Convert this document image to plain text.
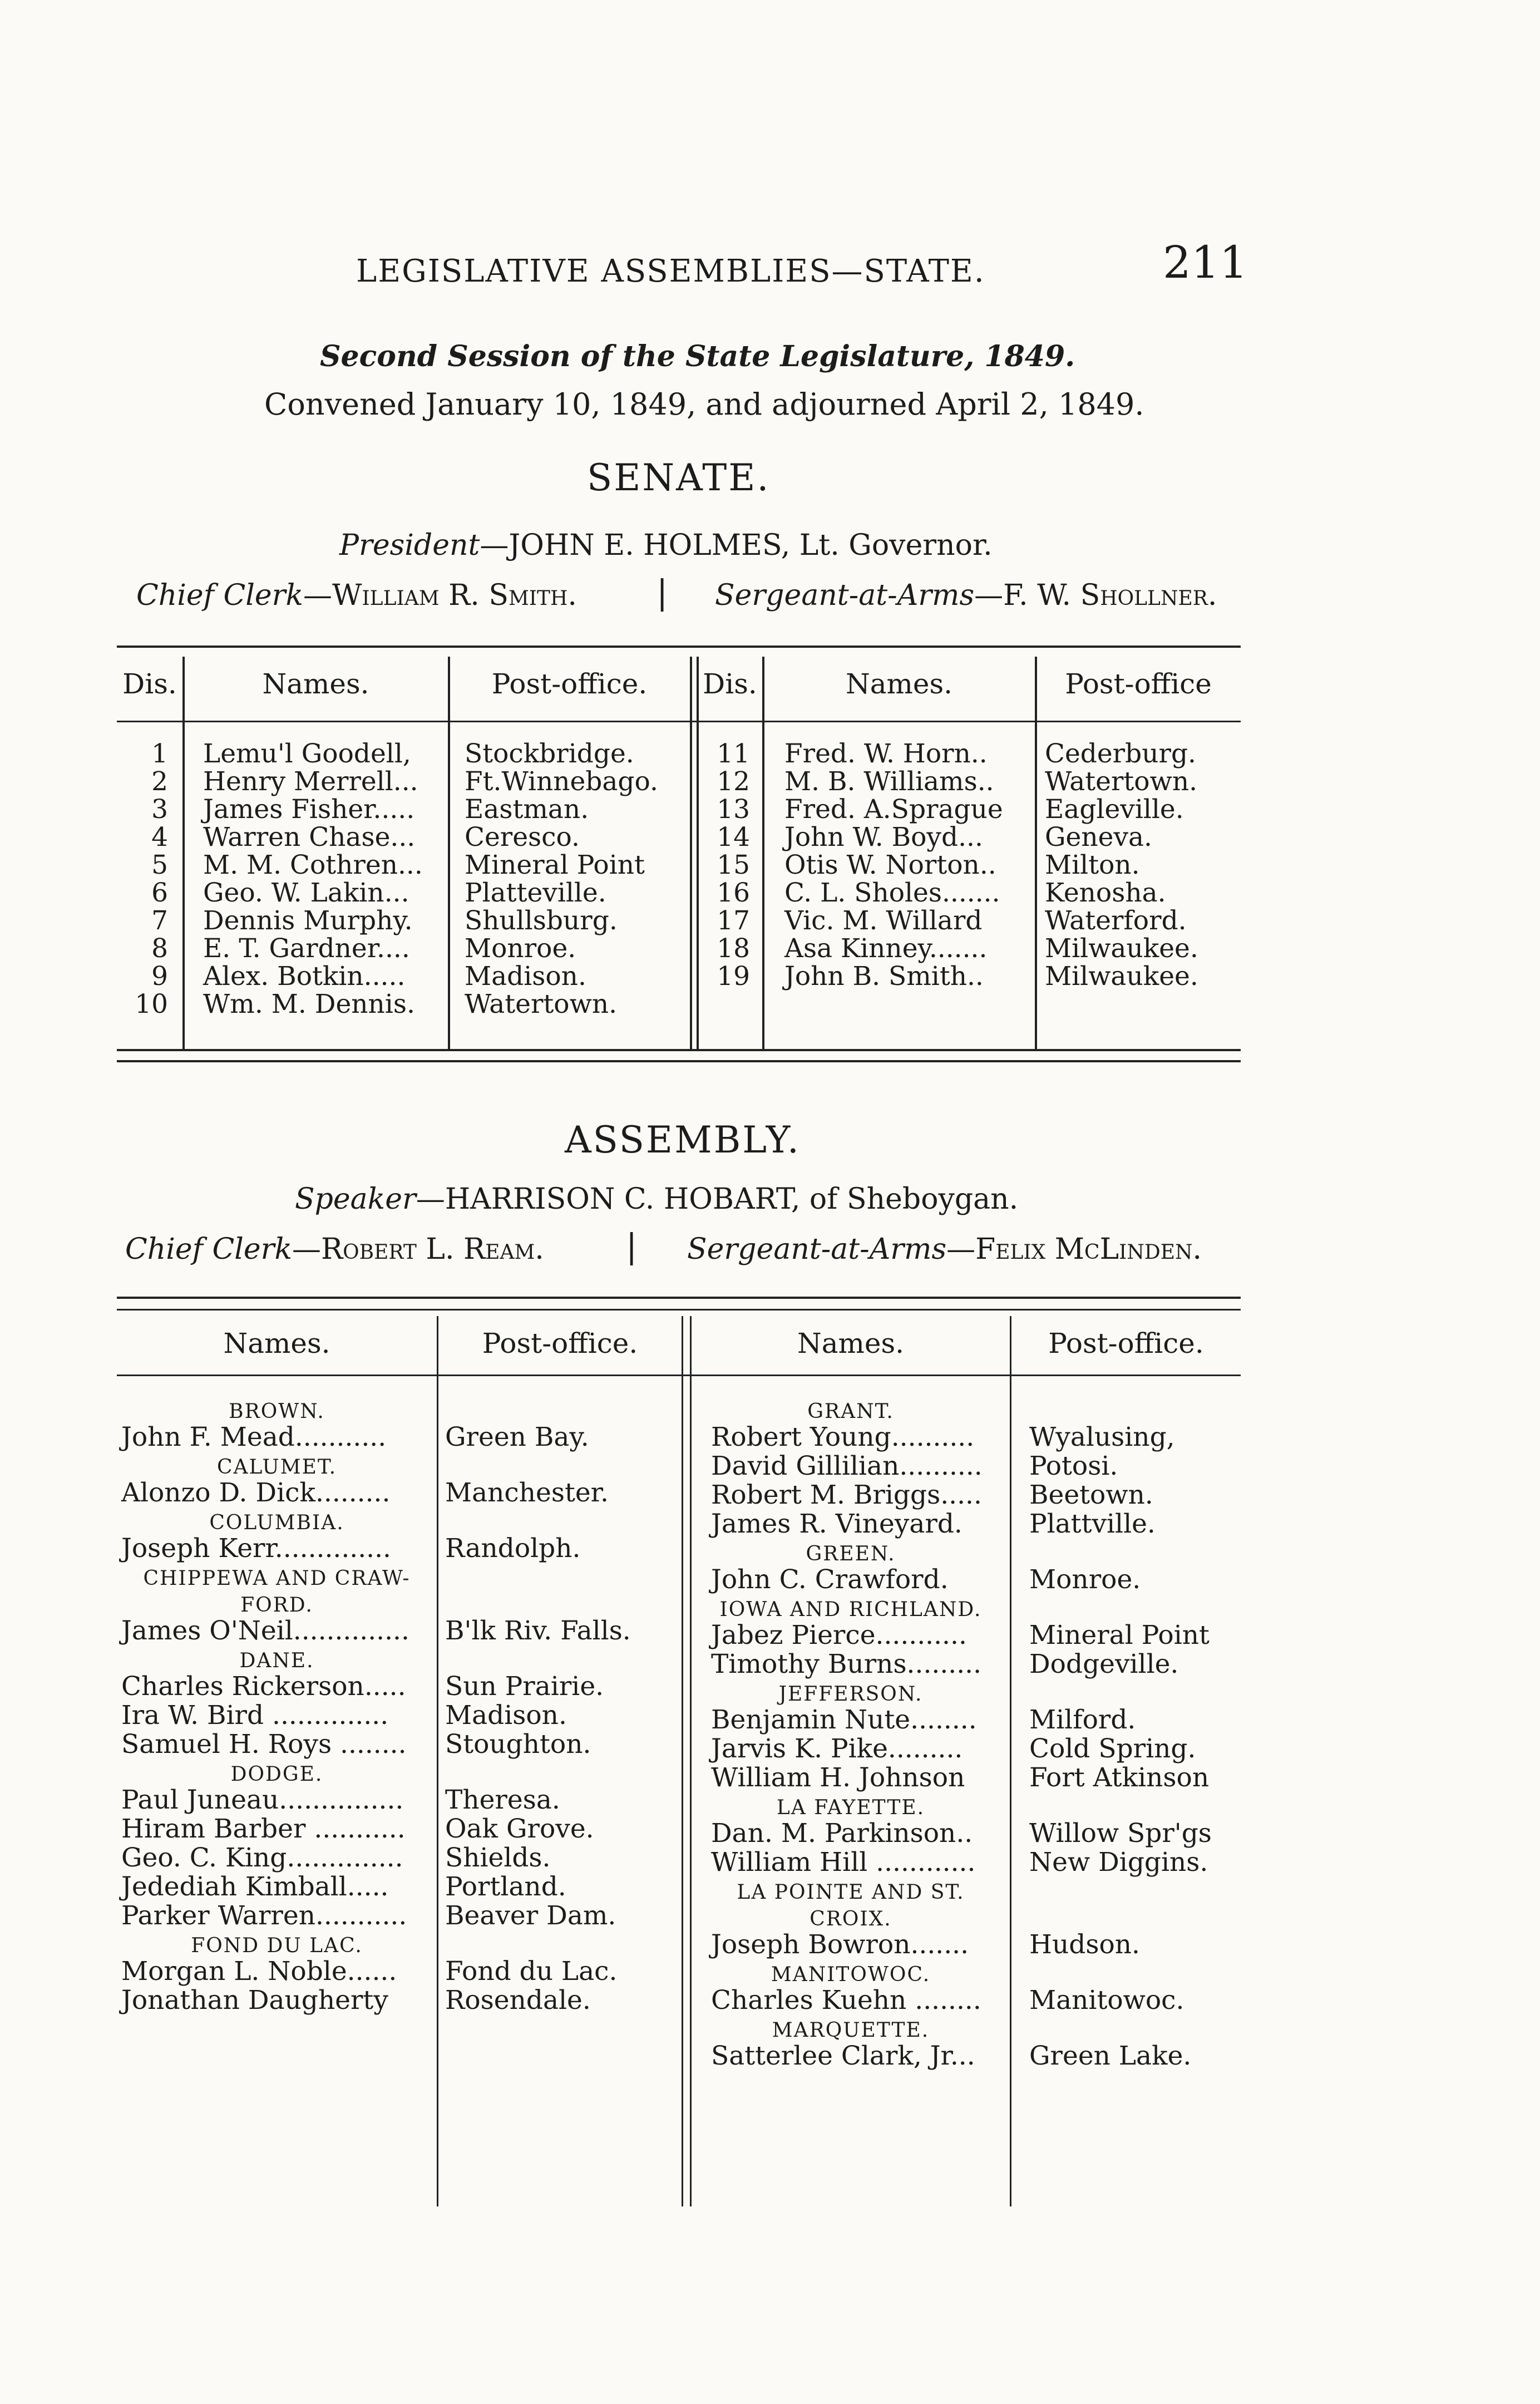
LEGISLATIVE ASSEMBLIES—STATE.	211
Second Session of the State Legislature, 1849.
Convened January 10, 1849, and adjourned April 2, 1849.
SENATE.
President—JOHN E. HOLMES, Lt. Governor.
Chief Clerk—William R. Smith. | Sergeant-at-Arms—F. W. Shollner.
Dis.	Names.	Post-office.	Dis.	Names.	Post-office
1 Lemu'l Goodell, Stockbridge.
2 Henry Merrell... Ft.Winnebago.
3 James Fisher..... Eastman.
4 Warren Chase... Ceresco.
5 M. M. Cothren... Mineral Point
6 Geo. W. Lakin... Platteville.
7 Dennis Murphy. Shullsburg.
8 E. T. Gardner.... Monroe.
9 Alex. Botkin..... Madison.
10 Wm. M. Dennis. Watertown.
11 Fred. W. Horn.. Cederburg.
12 M. B. Williams.. Watertown.
13 Fred. A.Sprague Eagleville.
14 John W. Boyd... Geneva.
15 Otis W. Norton.. Milton.
16 C. L. Sholes....... Kenosha.
17 Vic. M. Willard Waterford.
18 Asa Kinney....... Milwaukee.
19 John B. Smith.. Milwaukee.
ASSEMBLY.
Speaker—HARRISON C. HOBART, of Sheboygan.
Chief Clerk—Robert L. Ream. | Sergeant-at-Arms—Felix McLinden.
Names.	Post-office.	Names.	Post-office.
BROWN.
John F. Mead........... Green Bay.
CALUMET.
Alonzo D. Dick......... Manchester.
COLUMBIA.
Joseph Kerr.............. Randolph.
CHIPPEWA AND CRAW-
FORD.
James O'Neil.............. B'lk Riv. Falls.
DANE.
Charles Rickerson..... Sun Prairie.
Ira W. Bird .............. Madison.
Samuel H. Roys ........ Stoughton.
DODGE.
Paul Juneau............... Theresa.
Hiram Barber ........... Oak Grove.
Geo. C. King.............. Shields.
Jedediah Kimball..... Portland.
Parker Warren........... Beaver Dam.
FOND DU LAC.
Morgan L. Noble...... Fond du Lac.
Jonathan Daugherty Rosendale.
GRANT.
Robert Young.......... Wyalusing,
David Gillilian.......... Potosi.
Robert M. Briggs..... Beetown.
James R. Vineyard.	Plattville.
GREEN.
John C. Crawford.	Monroe.
IOWA AND RICHLAND.
Jabez Pierce........... Mineral Point
Timothy Burns......... Dodgeville.
JEFFERSON.
Benjamin Nute........ Milford.
Jarvis K. Pike.........	Cold Spring.
William H. Johnson Fort Atkinson
LA FAYETTE.
Dan. M. Parkinson.. Willow Spr'gs
William Hill ............ New Diggins.
LA POINTE AND ST.
CROIX.
Joseph Bowron....... Hudson.
MANITOWOC.
Charles Kuehn ........ Manitowoc.
MARQUETTE.
Satterlee Clark, Jr... Green Lake.
